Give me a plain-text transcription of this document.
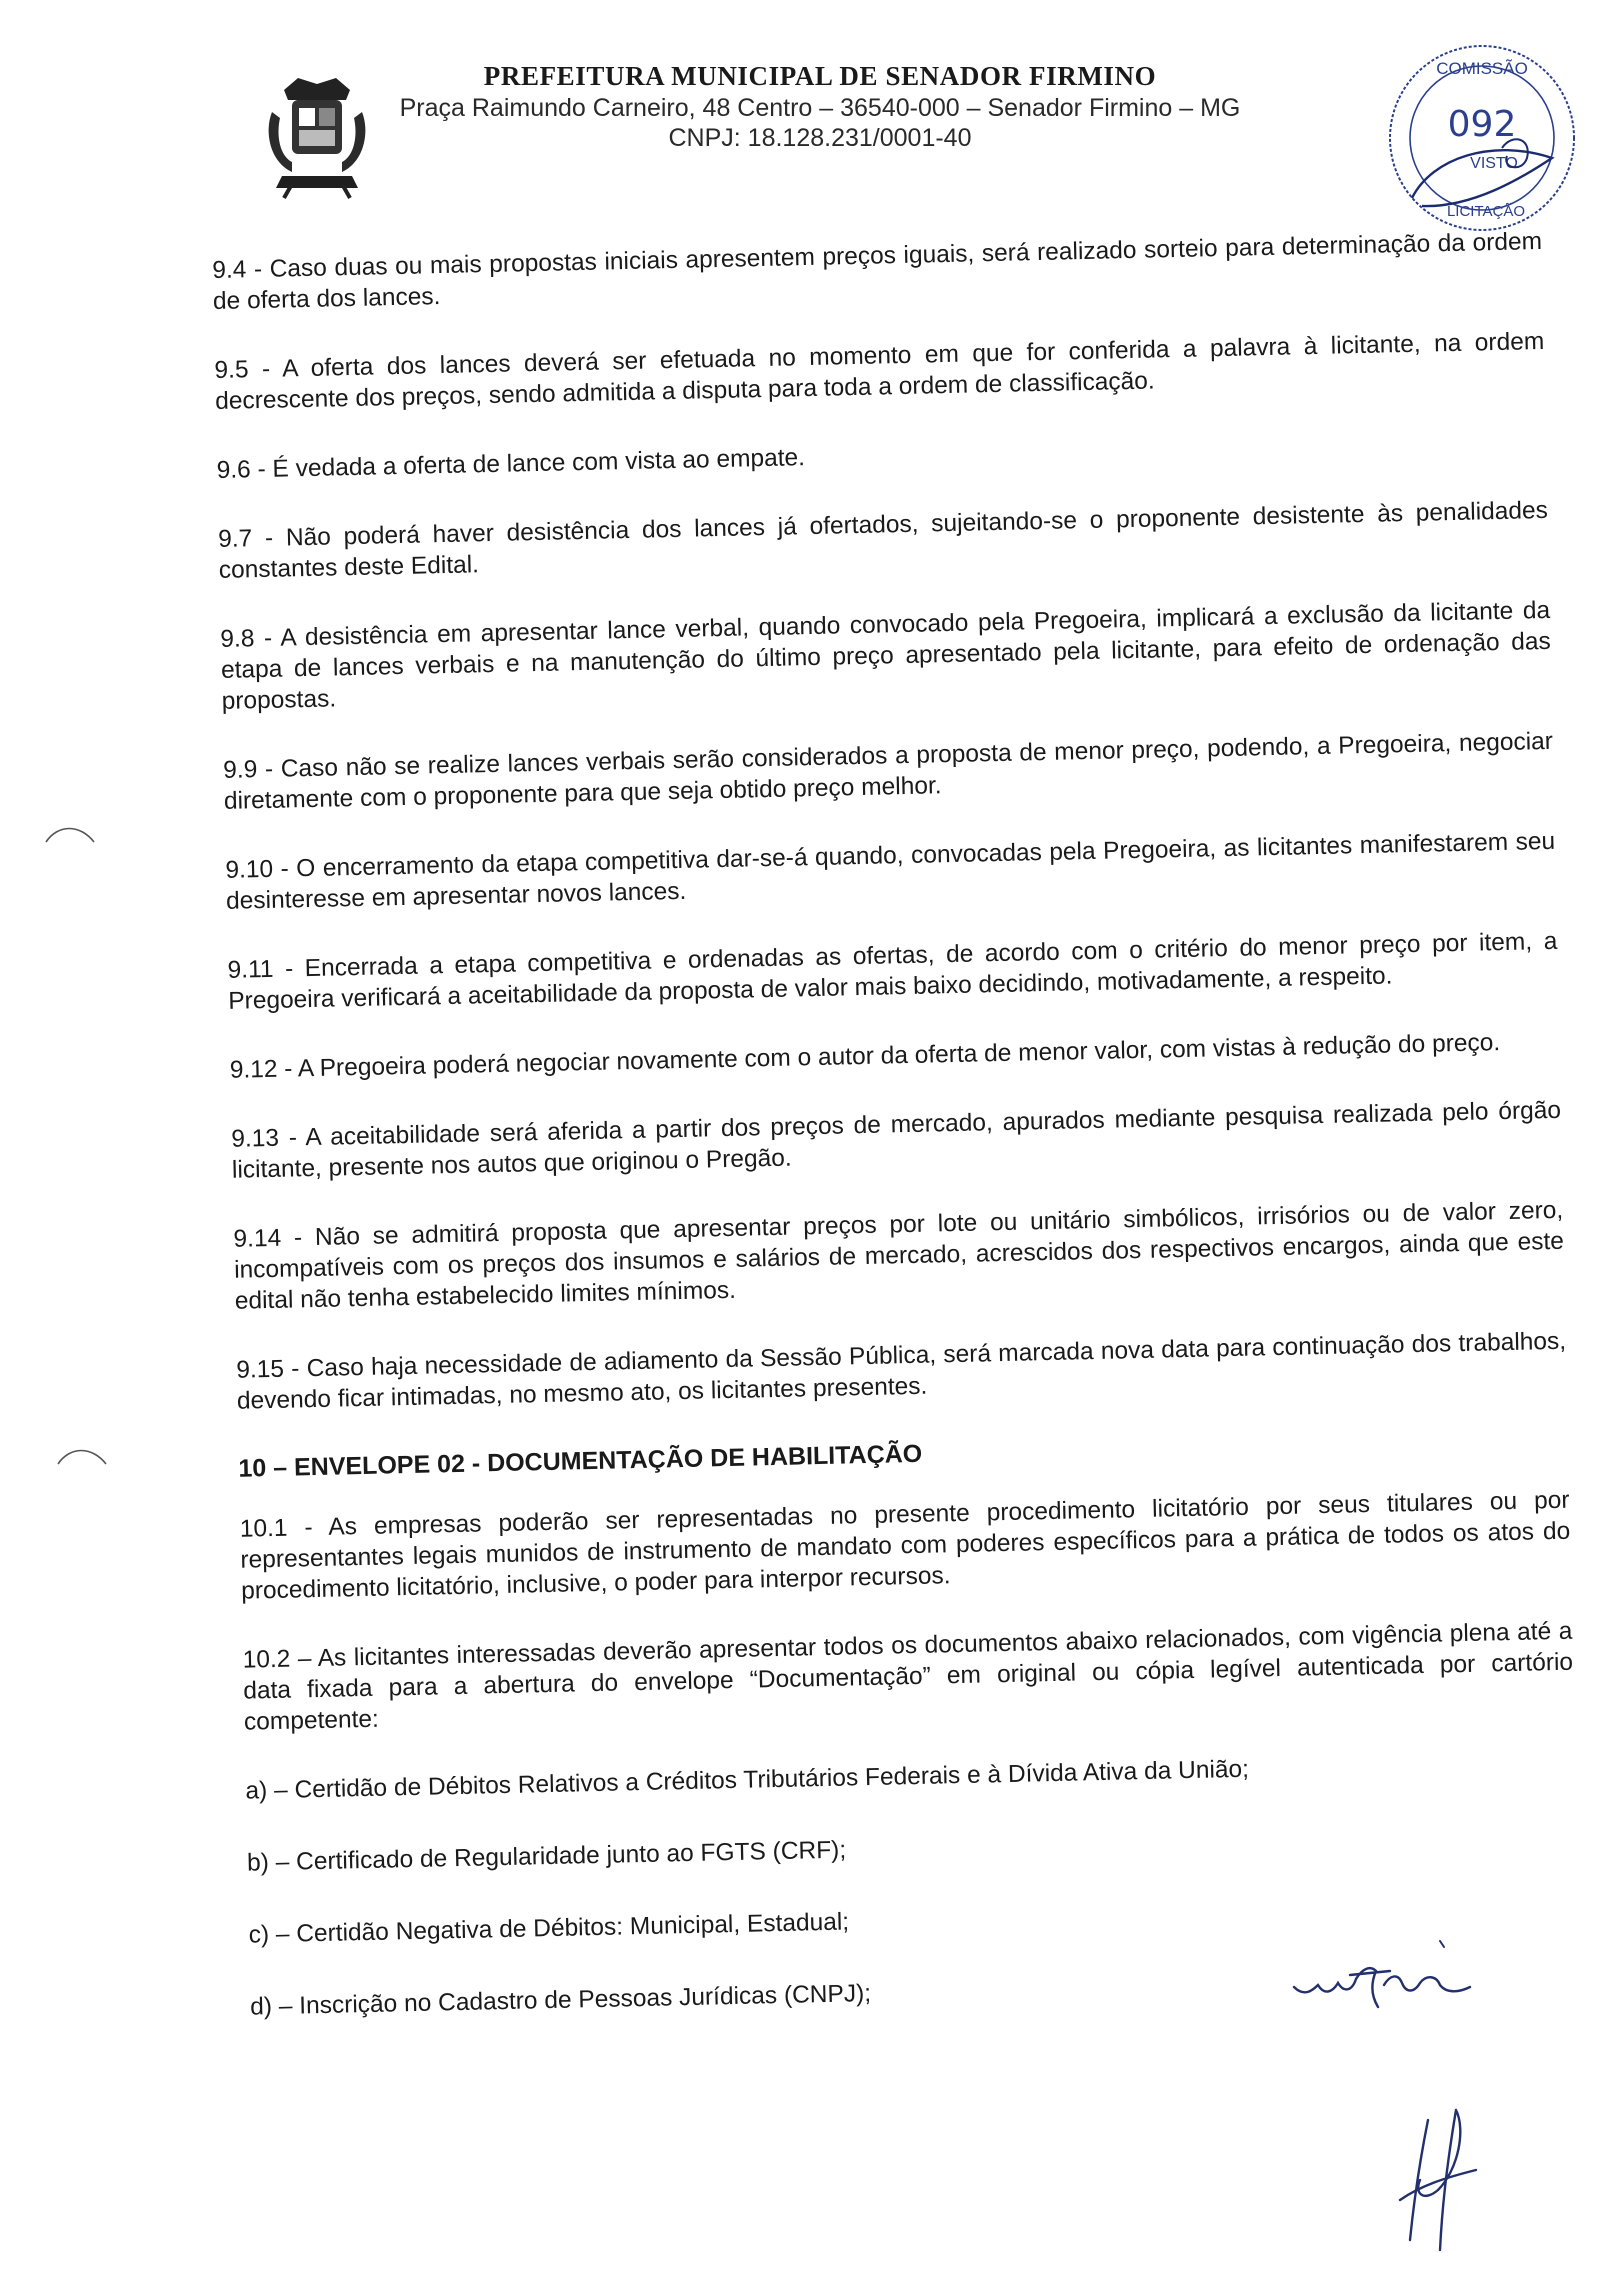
PREFEITURA MUNICIPAL DE SENADOR FIRMINO
Praça Raimundo Carneiro, 48 Centro – 36540-000 – Senador Firmino – MG
CNPJ: 18.128.231/0001-40
COMISSÃO
092
VISTO
LICITAÇÃO

9.4 - Caso duas ou mais propostas iniciais apresentem preços iguais, será realizado sorteio para determinação da ordem de oferta dos lances.

9.5 - A oferta dos lances deverá ser efetuada no momento em que for conferida a palavra à licitante, na ordem decrescente dos preços, sendo admitida a disputa para toda a ordem de classificação.

9.6 - É vedada a oferta de lance com vista ao empate.

9.7 - Não poderá haver desistência dos lances já ofertados, sujeitando-se o proponente desistente às penalidades constantes deste Edital.

9.8 - A desistência em apresentar lance verbal, quando convocado pela Pregoeira, implicará a exclusão da licitante da etapa de lances verbais e na manutenção do último preço apresentado pela licitante, para efeito de ordenação das propostas.

9.9 - Caso não se realize lances verbais serão considerados a proposta de menor preço, podendo, a Pregoeira, negociar diretamente com o proponente para que seja obtido preço melhor.

9.10 - O encerramento da etapa competitiva dar-se-á quando, convocadas pela Pregoeira, as licitantes manifestarem seu desinteresse em apresentar novos lances.

9.11 - Encerrada a etapa competitiva e ordenadas as ofertas, de acordo com o critério do menor preço por item, a Pregoeira verificará a aceitabilidade da proposta de valor mais baixo decidindo, motivadamente, a respeito.

9.12 - A Pregoeira poderá negociar novamente com o autor da oferta de menor valor, com vistas à redução do preço.

9.13 - A aceitabilidade será aferida a partir dos preços de mercado, apurados mediante pesquisa realizada pelo órgão licitante, presente nos autos que originou o Pregão.

9.14 - Não se admitirá proposta que apresentar preços por lote ou unitário simbólicos, irrisórios ou de valor zero, incompatíveis com os preços dos insumos e salários de mercado, acrescidos dos respectivos encargos, ainda que este edital não tenha estabelecido limites mínimos.

9.15 - Caso haja necessidade de adiamento da Sessão Pública, será marcada nova data para continuação dos trabalhos, devendo ficar intimadas, no mesmo ato, os licitantes presentes.

10 – ENVELOPE 02 - DOCUMENTAÇÃO DE HABILITAÇÃO

10.1 - As empresas poderão ser representadas no presente procedimento licitatório por seus titulares ou por representantes legais munidos de instrumento de mandato com poderes específicos para a prática de todos os atos do procedimento licitatório, inclusive, o poder para interpor recursos.

10.2 – As licitantes interessadas deverão apresentar todos os documentos abaixo relacionados, com vigência plena até a data fixada para a abertura do envelope “Documentação” em original ou cópia legível autenticada por cartório competente:

a) – Certidão de Débitos Relativos a Créditos Tributários Federais e à Dívida Ativa da União;
b) – Certificado de Regularidade junto ao FGTS (CRF);
c) – Certidão Negativa de Débitos: Municipal, Estadual;
d) – Inscrição no Cadastro de Pessoas Jurídicas (CNPJ);
